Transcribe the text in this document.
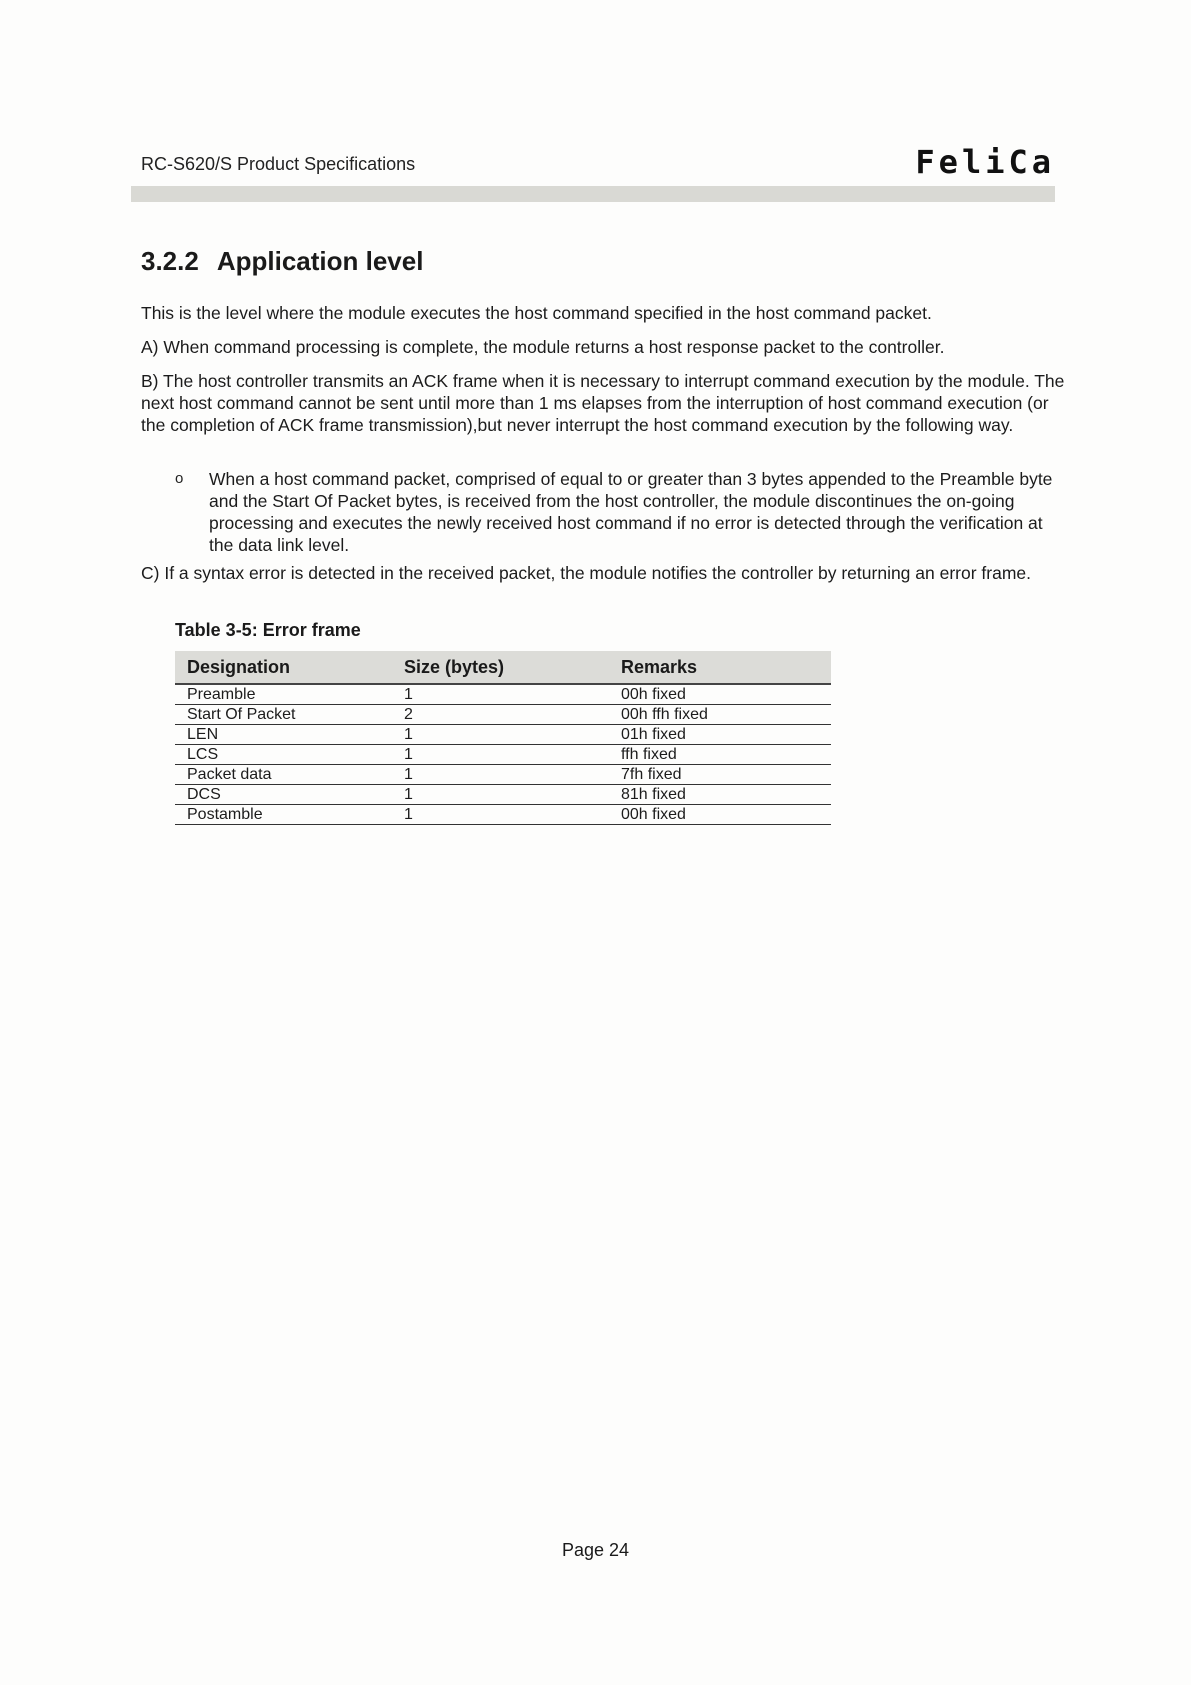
RC-S620/S Product Specifications	FeliCa
3.2.2 Application level

This is the level where the module executes the host command specified in the host command packet.

A) When command processing is complete, the module returns a host response packet to the controller.

B) The host controller transmits an ACK frame when it is necessary to interrupt command execution by the module. The next host command cannot be sent until more than 1 ms elapses from the interruption of host command execution (or the completion of ACK frame transmission),but never interrupt the host command execution by the following way.

o When a host command packet, comprised of equal to or greater than 3 bytes appended to the Preamble byte and the Start Of Packet bytes, is received from the host controller, the module discontinues the on-going processing and executes the newly received host command if no error is detected through the verification at the data link level.

C) If a syntax error is detected in the received packet, the module notifies the controller by returning an error frame.

Table 3-5: Error frame

Designation	Size (bytes)	Remarks
Preamble	1	00h fixed
Start Of Packet	2	00h ffh fixed
LEN	1	01h fixed
LCS	1	ffh fixed
Packet data	1	7fh fixed
DCS	1	81h fixed
Postamble	1	00h fixed
Page 24
